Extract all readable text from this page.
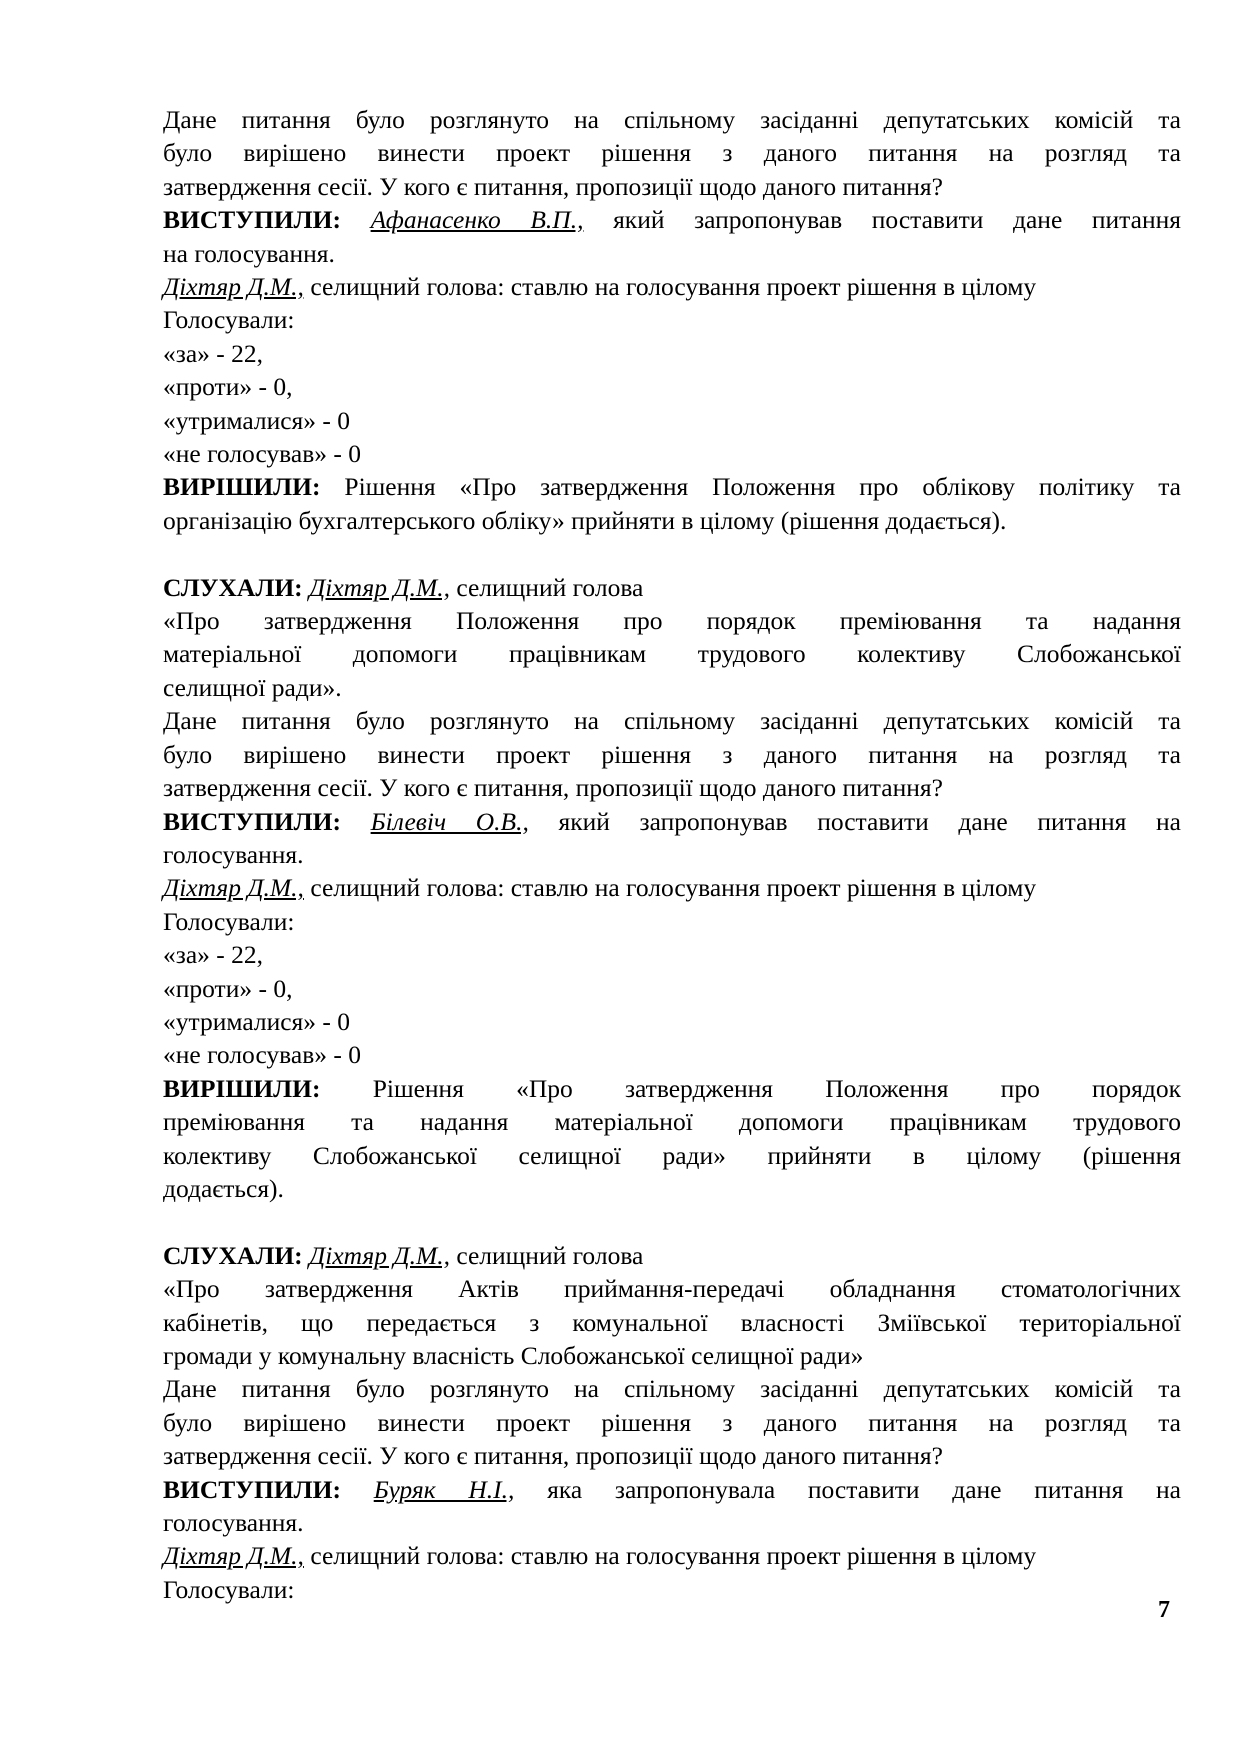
Дане питання було розглянуто на спільному засіданні депутатських комісій та

було вирішено винести проект рішення з даного питання на розгляд та

затвердження сесії. У кого є питання, пропозиції щодо даного питання?

ВИСТУПИЛИ: Афанасенко В.П., який запропонував поставити дане питання

на голосування.

Діхтяр Д.М., селищний голова: ставлю на голосування проект рішення в цілому

Голосували:

«за» - 22,

«проти» - 0,

«утрималися» - 0

«не голосував» - 0

ВИРІШИЛИ: Рішення «Про затвердження Положення про облікову політику та

організацію бухгалтерського обліку» прийняти в цілому (рішення додається).

СЛУХАЛИ: Діхтяр Д.М., селищний голова

«Про затвердження Положення про порядок преміювання та надання

матеріальної допомоги працівникам трудового колективу Слобожанської

селищної ради».

Дане питання було розглянуто на спільному засіданні депутатських комісій та

було вирішено винести проект рішення з даного питання на розгляд та

затвердження сесії. У кого є питання, пропозиції щодо даного питання?

ВИСТУПИЛИ: Білевіч О.В., який запропонував поставити дане питання на

голосування.

Діхтяр Д.М., селищний голова: ставлю на голосування проект рішення в цілому

Голосували:

«за» - 22,

«проти» - 0,

«утрималися» - 0

«не голосував» - 0

ВИРІШИЛИ: Рішення «Про затвердження Положення про порядок

преміювання та надання матеріальної допомоги працівникам трудового

колективу Слобожанської селищної ради» прийняти в цілому (рішення

додається).

СЛУХАЛИ: Діхтяр Д.М., селищний голова

«Про затвердження Актів приймання-передачі обладнання стоматологічних

кабінетів, що передається з комунальної власності Зміївської територіальної

громади у комунальну власність Слобожанської селищної ради»

Дане питання було розглянуто на спільному засіданні депутатських комісій та

було вирішено винести проект рішення з даного питання на розгляд та

затвердження сесії. У кого є питання, пропозиції щодо даного питання?

ВИСТУПИЛИ: Буряк Н.І., яка запропонувала поставити дане питання на

голосування.

Діхтяр Д.М., селищний голова: ставлю на голосування проект рішення в цілому

Голосували:

7
